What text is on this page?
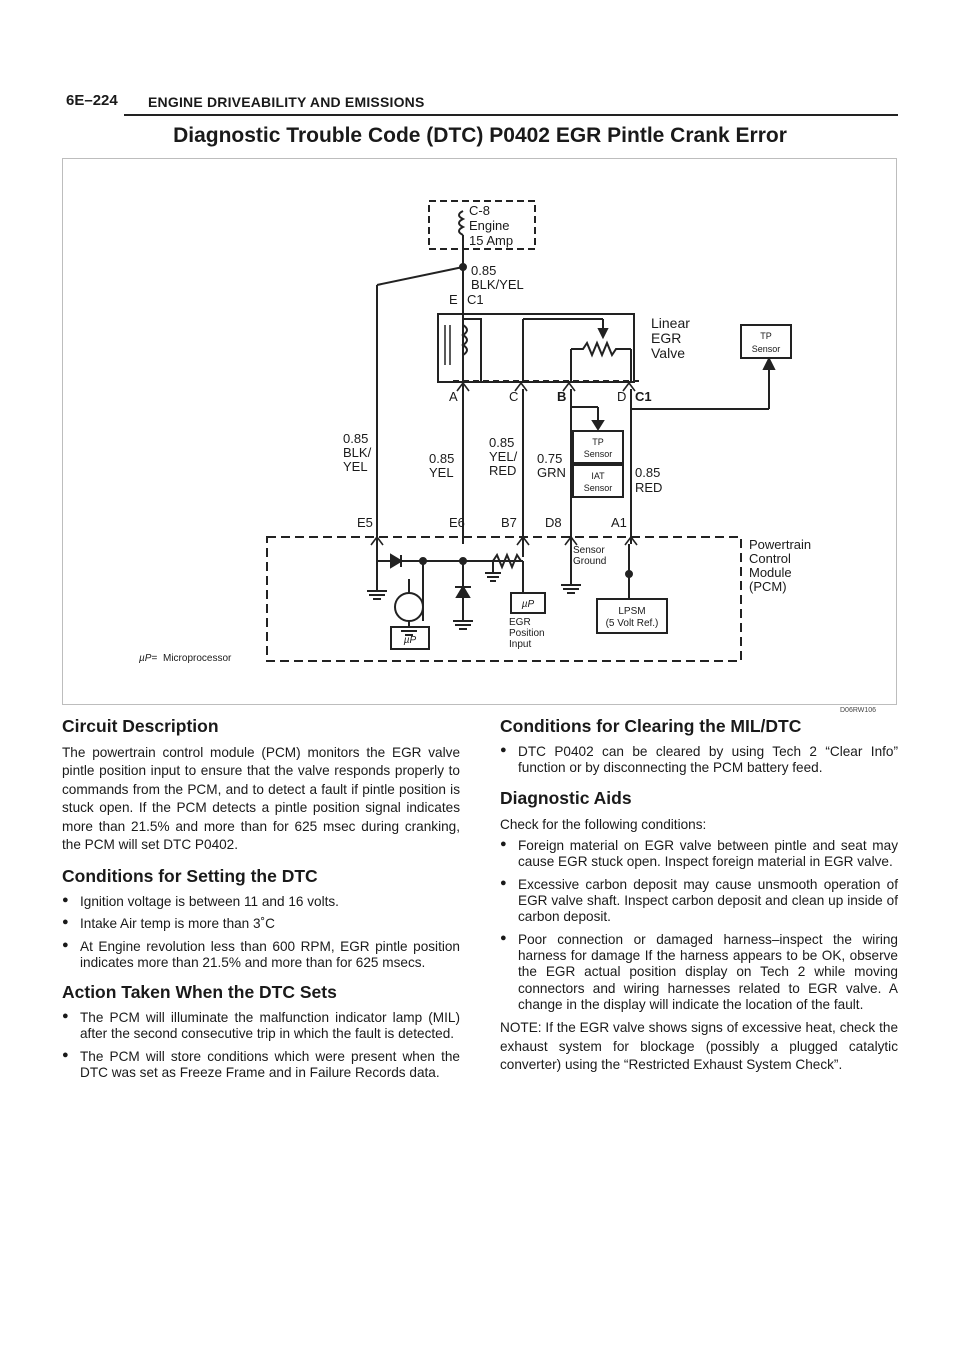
6E–224 ENGINE DRIVEABILITY AND EMISSIONS
Diagnostic Trouble Code (DTC) P0402 EGR Pintle Crank Error
C-8
Engine
15 Amp
0.85
BLK/YEL
E C1
Linear
EGR
Valve
TP
Sensor
A	C	B	D C1
TP
Sensor
IAT
Sensor
0.85
BLK/
YEL
0.85
YEL
0.85
YEL/
RED
0.75
GRN	0.85
RED
E5	E6	B7 D8	A1
µP
µP
EGR
Position
Input
Sensor
Ground
LPSM
(5 Volt Ref.)
Powertrain
Control
Module
(PCM)
µP= Microprocessor
D06RW106
Circuit Description

The powertrain control module (PCM) monitors the EGR valve pintle position input to ensure that the valve responds properly to commands from the PCM, and to detect a fault if pintle position is stuck open. If the PCM detects a pintle position signal indicates more than 21.5% and more than for 625 msec during cranking, the PCM will set DTC P0402.

Conditions for Setting the DTC
● Ignition voltage is between 11 and 16 volts.
● Intake Air temp is more than 3˚C
● At Engine revolution less than 600 RPM, EGR pintle position indicates more than 21.5% and more than for 625 msecs.
Action Taken When the DTC Sets
● The PCM will illuminate the malfunction indicator lamp (MIL) after the second consecutive trip in which the fault is detected.
● The PCM will store conditions which were present when the DTC was set as Freeze Frame and in Failure Records data.
Conditions for Clearing the MIL/DTC
● DTC P0402 can be cleared by using Tech 2 “Clear Info” function or by disconnecting the PCM battery feed.
Diagnostic Aids

Check for the following conditions:

● Foreign material on EGR valve between pintle and seat may cause EGR stuck open. Inspect foreign material in EGR valve.
● Excessive carbon deposit may cause unsmooth operation of EGR valve shaft. Inspect carbon deposit and clean up inside of carbon deposit.
● Poor connection or damaged harness–inspect the wiring harness for damage If the harness appears to be OK, observe the EGR actual position display on Tech 2 while moving connectors and wiring harnesses related to EGR valve. A change in the display will indicate the location of the fault.

NOTE: If the EGR valve shows signs of excessive heat, check the exhaust system for blockage (possibly a plugged catalytic converter) using the “Restricted Exhaust System Check”.
